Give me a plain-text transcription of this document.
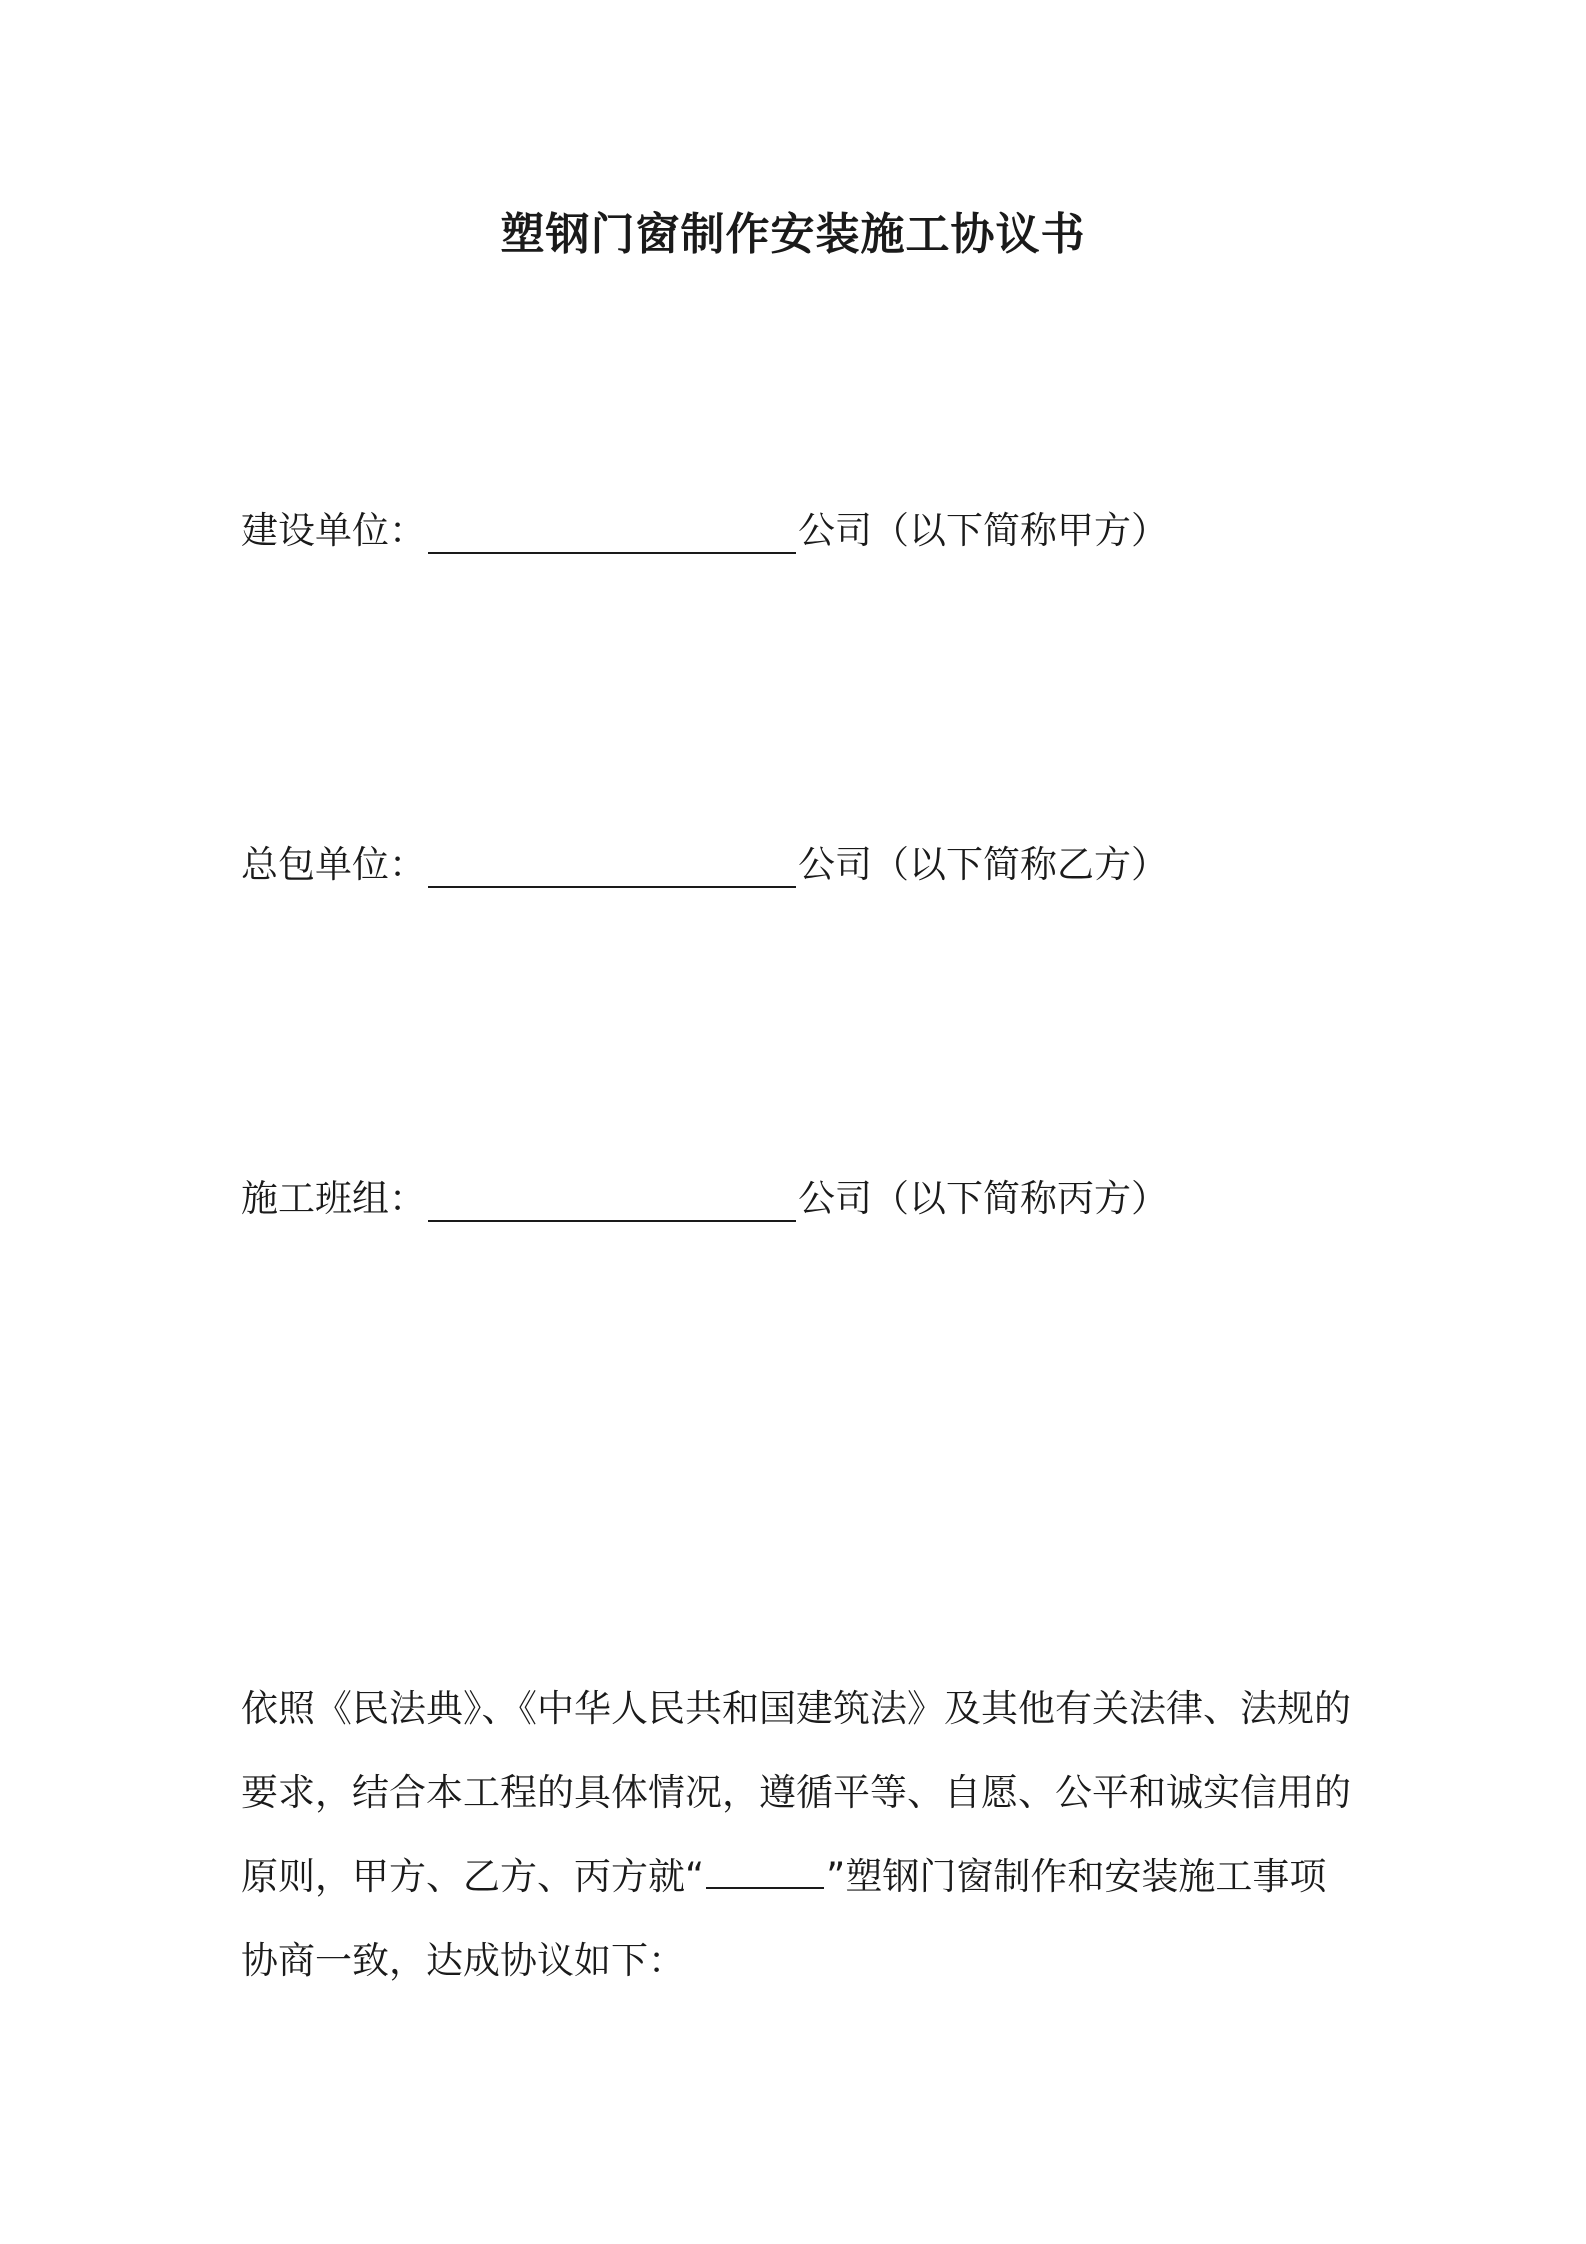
塑钢门窗制作安装施工协议书
建设单位：	公司（以下简称甲方）
总包单位：	公司（以下简称乙方）
施工班组：	公司（以下简称丙方）
依照《民法典》、《中华人民共和国建筑法》及其他有关法律、法规的
要求，结合本工程的具体情况，遵循平等、自愿、公平和诚实信用的
原则，甲方、乙方、丙方就“	”塑钢门窗制作和安装施工事项
协商一致，达成协议如下：
